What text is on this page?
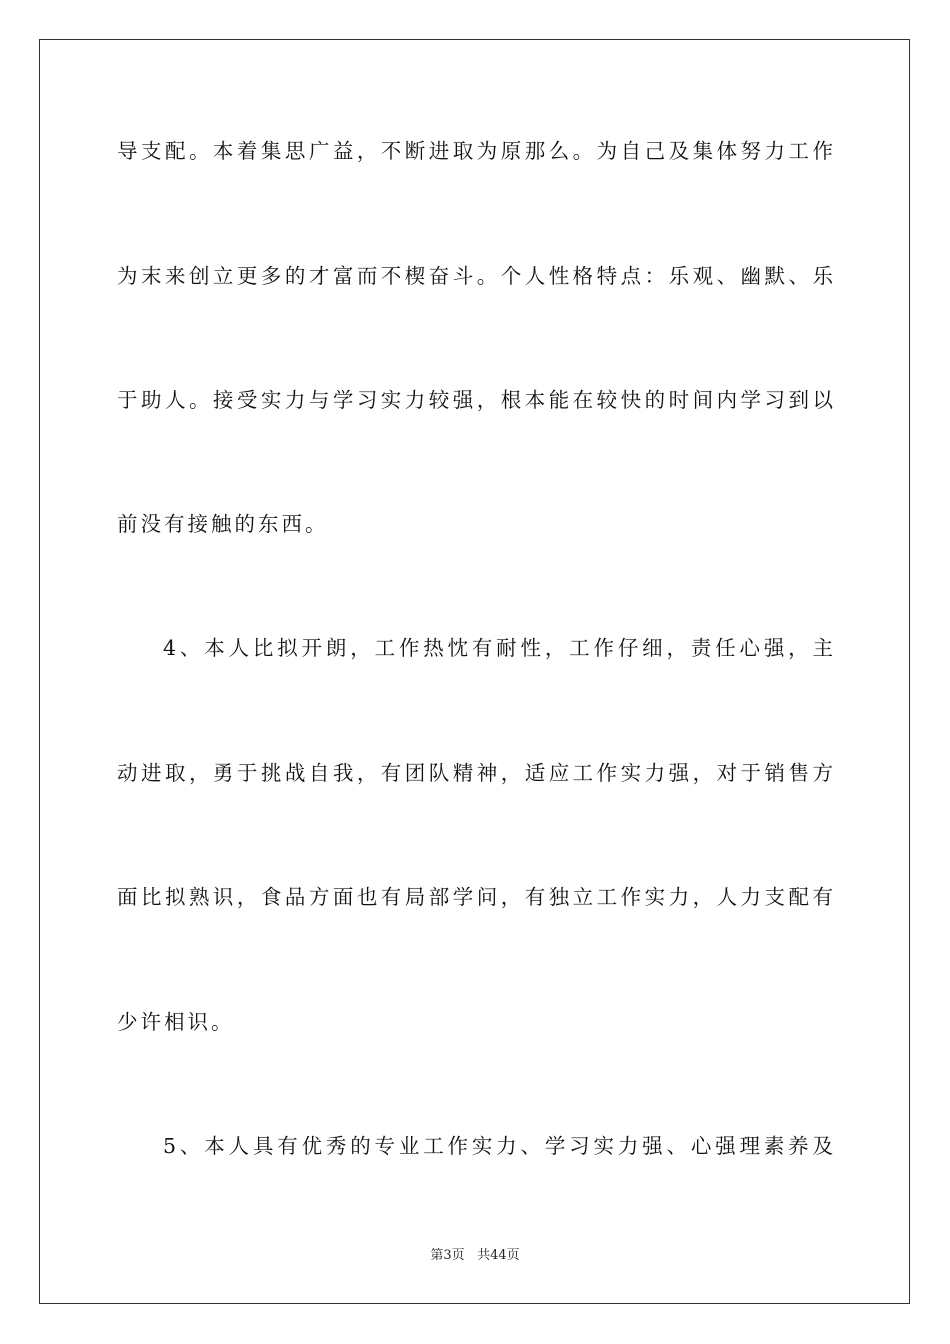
导支配。本着集思广益，不断进取为原那么。为自己及集体努力工作
为末来创立更多的才富而不楔奋斗。个人性格特点：乐观、幽默、乐
于助人。接受实力与学习实力较强，根本能在较快的时间内学习到以
前没有接触的东西。
4、本人比拟开朗，工作热忱有耐性，工作仔细，责任心强，主
动进取，勇于挑战自我，有团队精神，适应工作实力强，对于销售方
面比拟熟识，食品方面也有局部学问，有独立工作实力，人力支配有
少许相识。
5、本人具有优秀的专业工作实力、学习实力强、心强理素养及
第3页 共44页
